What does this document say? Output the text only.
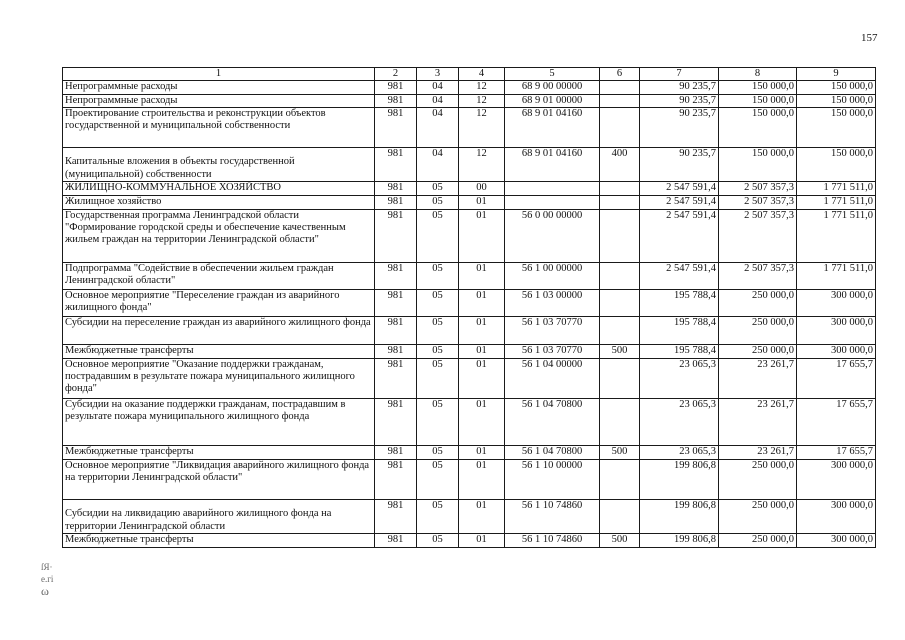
157
ſЯ·
е.гі
ω
1	2	3	4	5	6	7	8	9
Непрограммные расходы	981	04	12	68 9 00 00000		90 235,7	150 000,0	150 000,0
Непрограммные расходы	981	04	12	68 9 01 00000		90 235,7	150 000,0	150 000,0
Проектирование строительства и реконструкции объектов государственной и муниципальной собственности	981	04	12	68 9 01 04160		90 235,7	150 000,0	150 000,0
Капитальные вложения в объекты государственной (муниципальной) собственности	981	04	12	68 9 01 04160	400	90 235,7	150 000,0	150 000,0
ЖИЛИЩНО-КОММУНАЛЬНОЕ ХОЗЯЙСТВО	981	05	00			2 547 591,4	2 507 357,3	1 771 511,0
Жилищное хозяйство	981	05	01			2 547 591,4	2 507 357,3	1 771 511,0
Государственная программа Ленинградской области "Формирование городской среды и обеспечение качественным жильем граждан на территории Ленинградской области"	981	05	01	56 0 00 00000		2 547 591,4	2 507 357,3	1 771 511,0
Подпрограмма "Содействие в обеспечении жильем граждан Ленинградской области"	981	05	01	56 1 00 00000		2 547 591,4	2 507 357,3	1 771 511,0
Основное мероприятие "Переселение граждан из аварийного жилищного фонда"	981	05	01	56 1 03 00000		195 788,4	250 000,0	300 000,0
Субсидии на переселение граждан из аварийного жилищного фонда	981	05	01	56 1 03 70770		195 788,4	250 000,0	300 000,0
Межбюджетные трансферты	981	05	01	56 1 03 70770	500	195 788,4	250 000,0	300 000,0
Основное мероприятие "Оказание поддержки гражданам, пострадавшим в результате пожара муниципального жилищного фонда"	981	05	01	56 1 04 00000		23 065,3	23 261,7	17 655,7
Субсидии на оказание поддержки гражданам, пострадавшим в результате пожара муниципального жилищного фонда	981	05	01	56 1 04 70800		23 065,3	23 261,7	17 655,7
Межбюджетные трансферты	981	05	01	56 1 04 70800	500	23 065,3	23 261,7	17 655,7
Основное мероприятие "Ликвидация аварийного жилищного фонда на территории Ленинградской области"	981	05	01	56 1 10 00000		199 806,8	250 000,0	300 000,0
Субсидии на ликвидацию аварийного жилищного фонда на территории Ленинградской области	981	05	01	56 1 10 74860		199 806,8	250 000,0	300 000,0
Межбюджетные трансферты	981	05	01	56 1 10 74860	500	199 806,8	250 000,0	300 000,0
